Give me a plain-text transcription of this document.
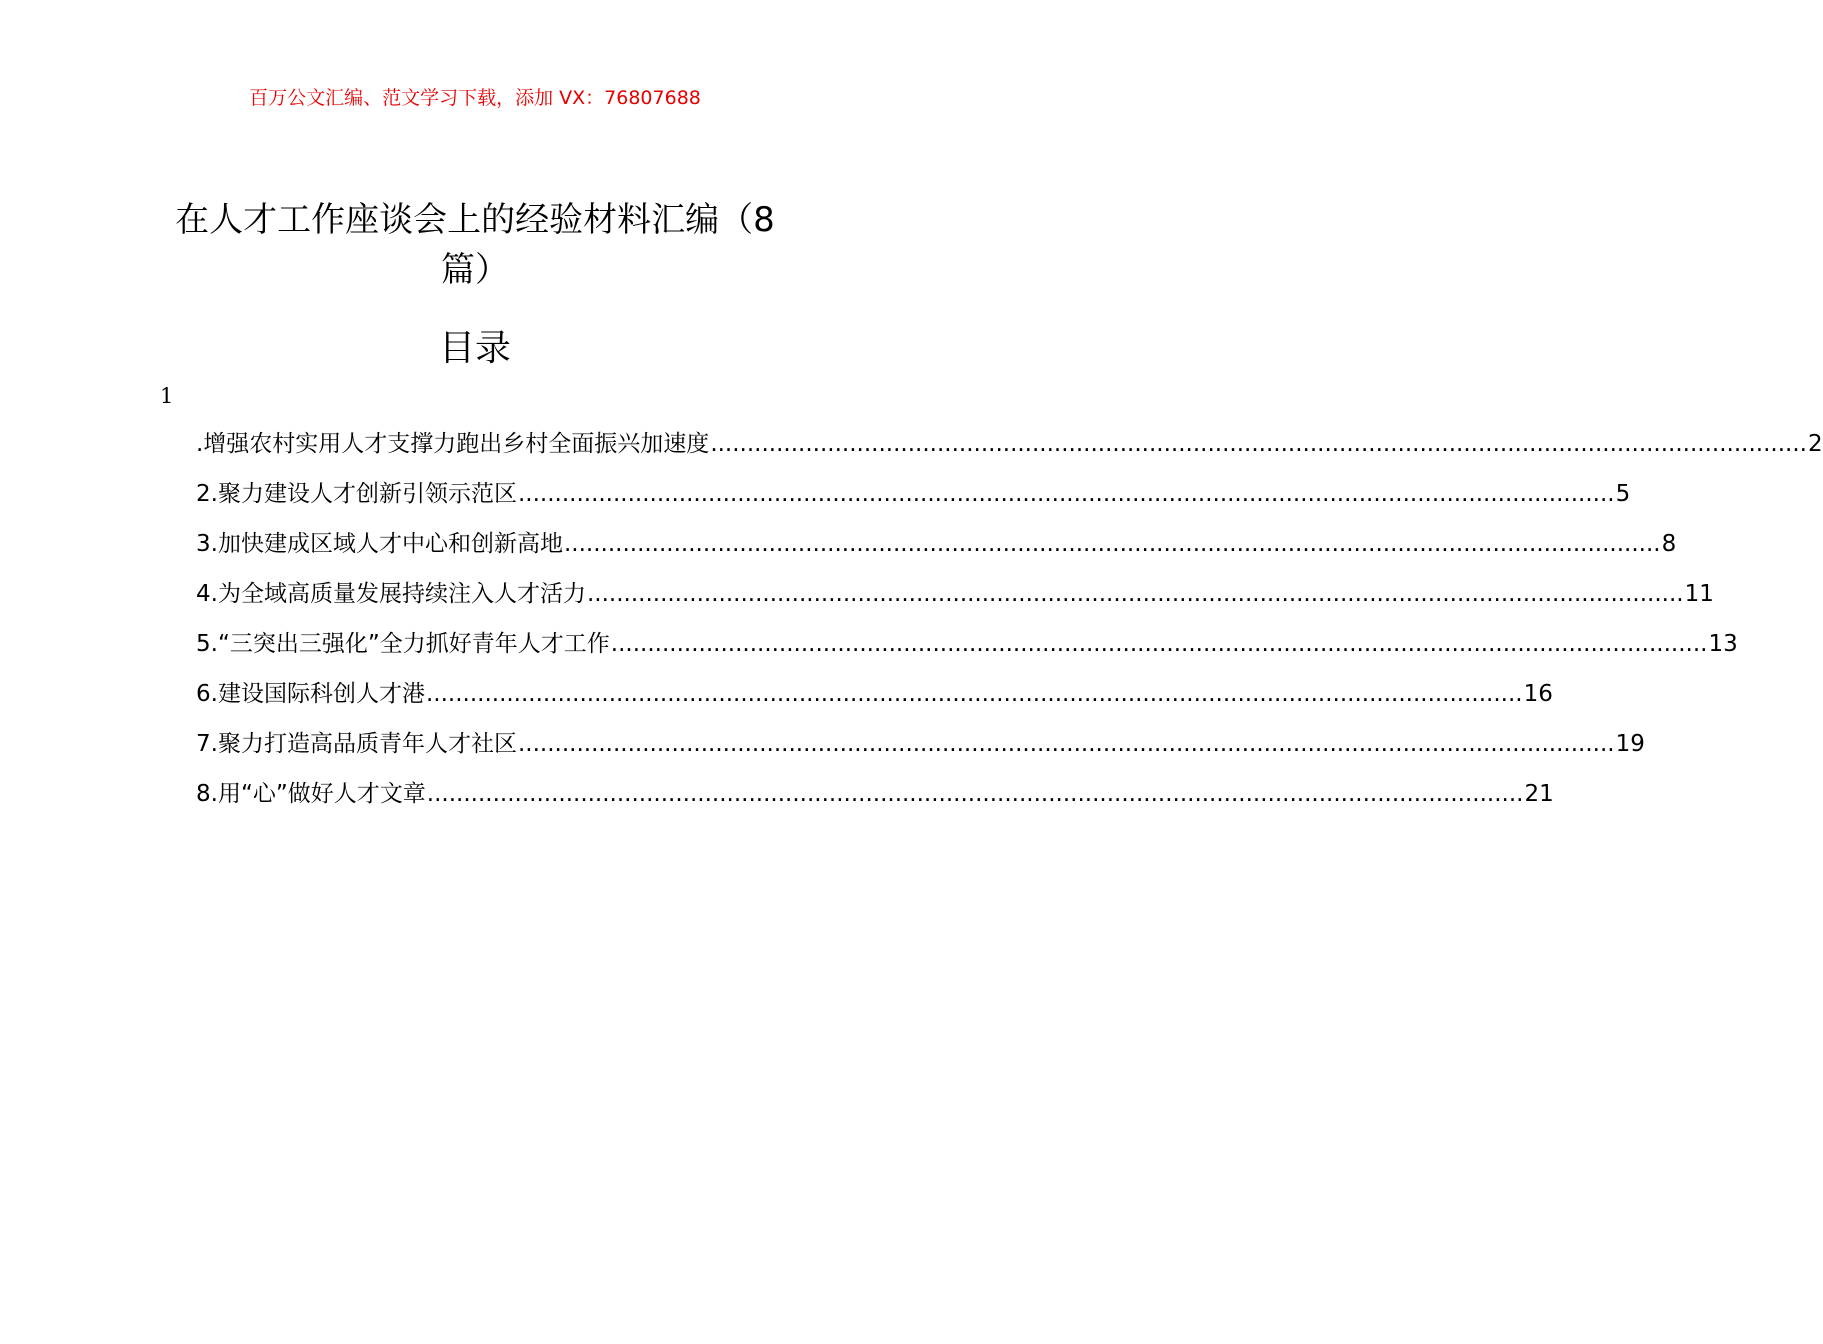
百万公文汇编、范文学习下载，添加 VX：76807688
在人才工作座谈会上的经验材料汇编（8篇）
目录
1
.增强农村实用人才支撑力跑出乡村全面振兴加速度 .....	2
2.聚力建设人才创新引领示范区 .....	5
3.加快建成区域人才中心和创新高地 .....	8
4.为全域高质量发展持续注入人才活力 .....	11
5.“三突出三强化”全力抓好青年人才工作 .....	13
6.建设国际科创人才港 .....	16
7.聚力打造高品质青年人才社区 .....	19
8.用“心”做好人才文章 .....	21
